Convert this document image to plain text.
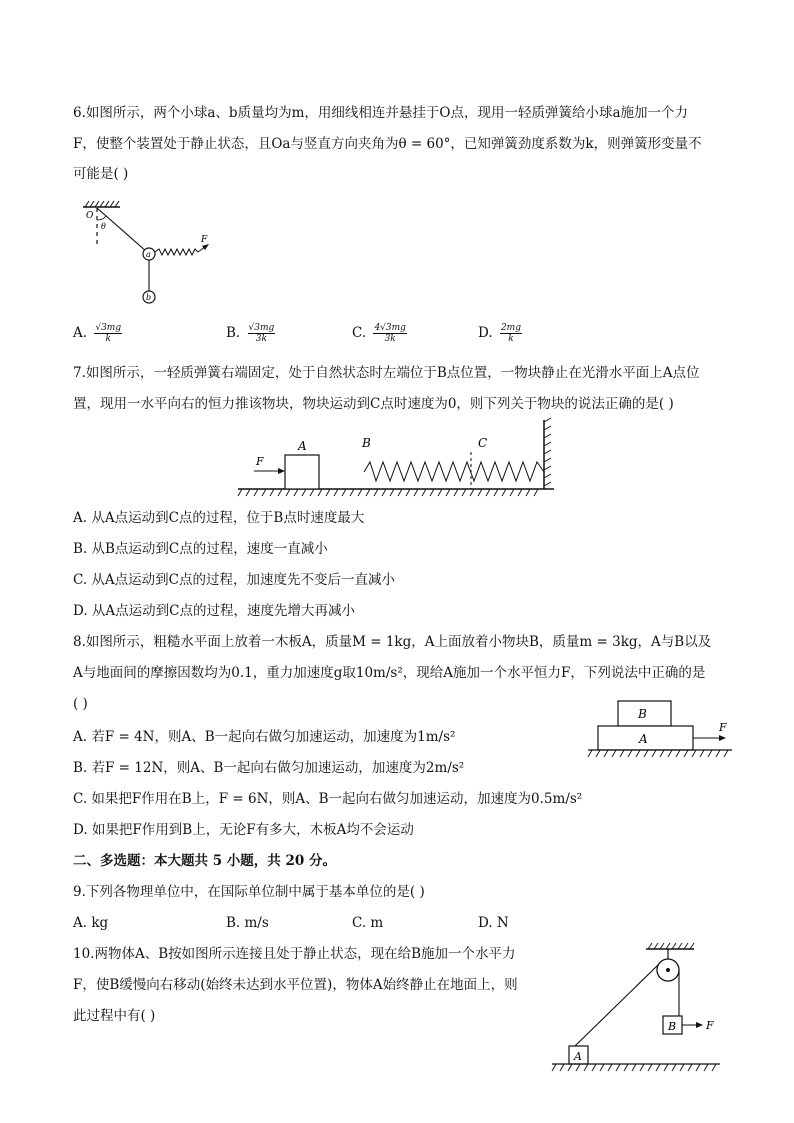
6.如图所示，两个小球a、b质量均为m，用细线相连并悬挂于O点，现用一轻质弹簧给小球a施加一个力
F，使整个装置处于静止状态，且Oa与竖直方向夹角为θ = 60°，已知弹簧劲度系数为k，则弹簧形变量不
可能是( )
O
θ
F
a
b
A. $\frac{√3mg}{k}$	B. $\frac{√3mg}{3k}$	C. $\frac{4√3mg}{3k}$	D. $\frac{2mg}{k}$
7.如图所示，一轻质弹簧右端固定，处于自然状态时左端位于B点位置，一物块静止在光滑水平面上A点位
置，现用一水平向右的恒力推该物块，物块运动到C点时速度为0，则下列关于物块的说法正确的是( )
A
F
B	C
A. 从A点运动到C点的过程，位于B点时速度最大
B. 从B点运动到C点的过程，速度一直减小
C. 从A点运动到C点的过程，加速度先不变后一直减小
D. 从A点运动到C点的过程，速度先增大再减小
8.如图所示，粗糙水平面上放着一木板A，质量M = 1kg，A上面放着小物块B，质量m = 3kg，A与B以及
A与地面间的摩擦因数均为0.1，重力加速度g取10m/s²，现给A施加一个水平恒力F，下列说法中正确的是
( )
B
A
F
A. 若F = 4N，则A、B一起向右做匀加速运动，加速度为1m/s²
B. 若F = 12N，则A、B一起向右做匀加速运动，加速度为2m/s²
C. 如果把F作用在B上，F = 6N，则A、B一起向右做匀加速运动，加速度为0.5m/s²
D. 如果把F作用到B上，无论F有多大，木板A均不会运动
二、多选题：本大题共 5 小题，共 20 分。
9.下列各物理单位中，在国际单位制中属于基本单位的是( )
A. kg	B. m/s	C. m	D. N
10.两物体A、B按如图所示连接且处于静止状态，现在给B施加一个水平力
F，使B缓慢向右移动(始终未达到水平位置)，物体A始终静止在地面上，则
此过程中有( )
B	F
A
